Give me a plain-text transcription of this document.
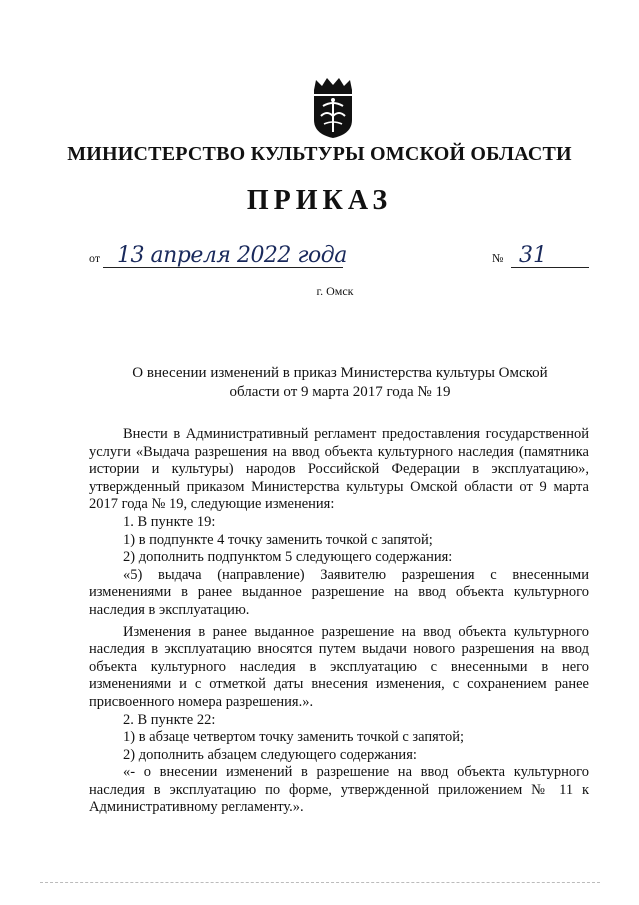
МИНИСТЕРСТВО КУЛЬТУРЫ ОМСКОЙ ОБЛАСТИ
ПРИКАЗ
от 13 апреля 2022 года	№ 31
г. Омск
О внесении изменений в приказ Министерства культуры Омской области от 9 марта 2017 года № 19

Внести в Административный регламент предоставления государственной услуги «Выдача разрешения на ввод объекта культурного наследия (памятника истории и культуры) народов Российской Федерации в эксплуатацию», утвержденный приказом Министерства культуры Омской области от 9 марта 2017 года № 19, следующие изменения:

1. В пункте 19:

1) в подпункте 4 точку заменить точкой с запятой;

2) дополнить подпунктом 5 следующего содержания:

«5) выдача (направление) Заявителю разрешения с внесенными изменениями в ранее выданное разрешение на ввод объекта культурного наследия в эксплуатацию.

Изменения в ранее выданное разрешение на ввод объекта культурного наследия в эксплуатацию вносятся путем выдачи нового разрешения на ввод объекта культурного наследия в эксплуатацию с внесенными в него изменениями и с отметкой даты внесения изменения, с сохранением ранее присвоенного номера разрешения.».

2. В пункте 22:

1) в абзаце четвертом точку заменить точкой с запятой;

2) дополнить абзацем следующего содержания:

«- о внесении изменений в разрешение на ввод объекта культурного наследия в эксплуатацию по форме, утвержденной приложением № 11 к Административному регламенту.».
